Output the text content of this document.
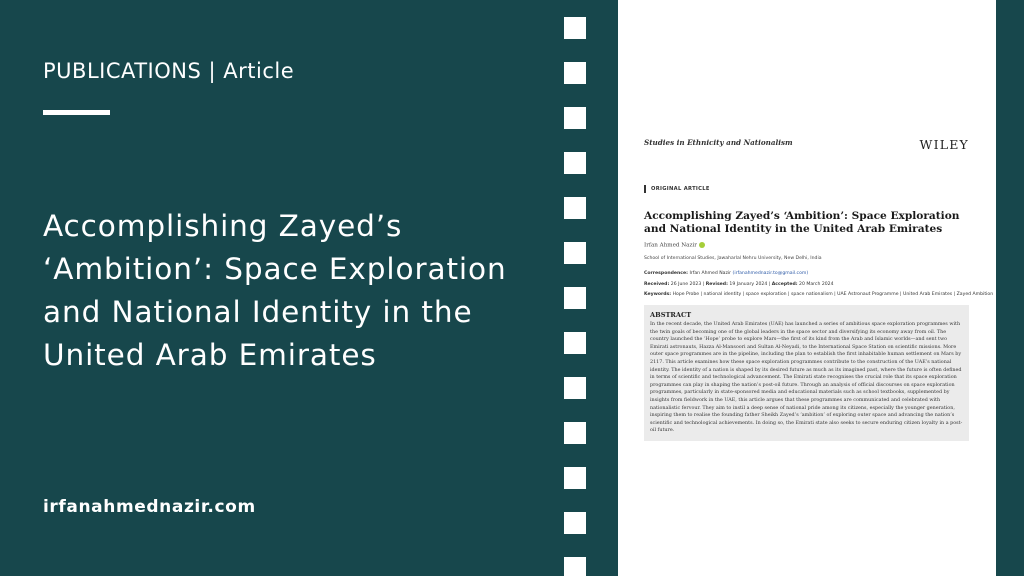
PUBLICATIONS | Article
Accomplishing Zayed’s ‘Ambition’: Space Exploration and National Identity in the United Arab Emirates
irfanahmednazir.com
Studies in Ethnicity and Nationalism	WILEY
ORIGINAL ARTICLE
Accomplishing Zayed’s ‘Ambition’: Space Exploration and National Identity in the United Arab Emirates
Irfan Ahmed Nazir
School of International Studies, Jawaharlal Nehru University, New Delhi, India
Correspondence: Irfan Ahmed Nazir (irfanahmednazir.to@gmail.com)
Received: 26 June 2023 | Revised: 19 January 2024 | Accepted: 20 March 2024
Keywords: Hope Probe | national identity | space exploration | space nationalism | UAE Astronaut Programme | United Arab Emirates | Zayed Ambition
ABSTRACT
In the recent decade, the United Arab Emirates (UAE) has launched a series of ambitious space exploration programmes with the twin goals of becoming one of the global leaders in the space sector and diversifying its economy away from oil. The country launched the ‘Hope’ probe to explore Mars—the first of its kind from the Arab and Islamic worlds—and sent two Emirati astronauts, Hazza Al-Mansoori and Sultan Al-Neyadi, to the International Space Station on scientific missions. More outer space programmes are in the pipeline, including the plan to establish the first inhabitable human settlement on Mars by 2117. This article examines how these space exploration programmes contribute to the construction of the UAE’s national identity. The identity of a nation is shaped by its desired future as much as its imagined past, where the future is often defined in terms of scientific and technological advancement. The Emirati state recognises the crucial role that its space exploration programmes can play in shaping the nation’s post-oil future. Through an analysis of official discourses on space exploration programmes, particularly in state-sponsored media and educational materials such as school textbooks, supplemented by insights from fieldwork in the UAE, this article argues that these programmes are communicated and celebrated with nationalistic fervour. They aim to instil a deep sense of national pride among its citizens, especially the younger generation, inspiring them to realise the founding father Sheikh Zayed’s ‘ambition’ of exploring outer space and advancing the nation’s scientific and technological achievements. In doing so, the Emirati state also seeks to secure enduring citizen loyalty in a post-oil future.
